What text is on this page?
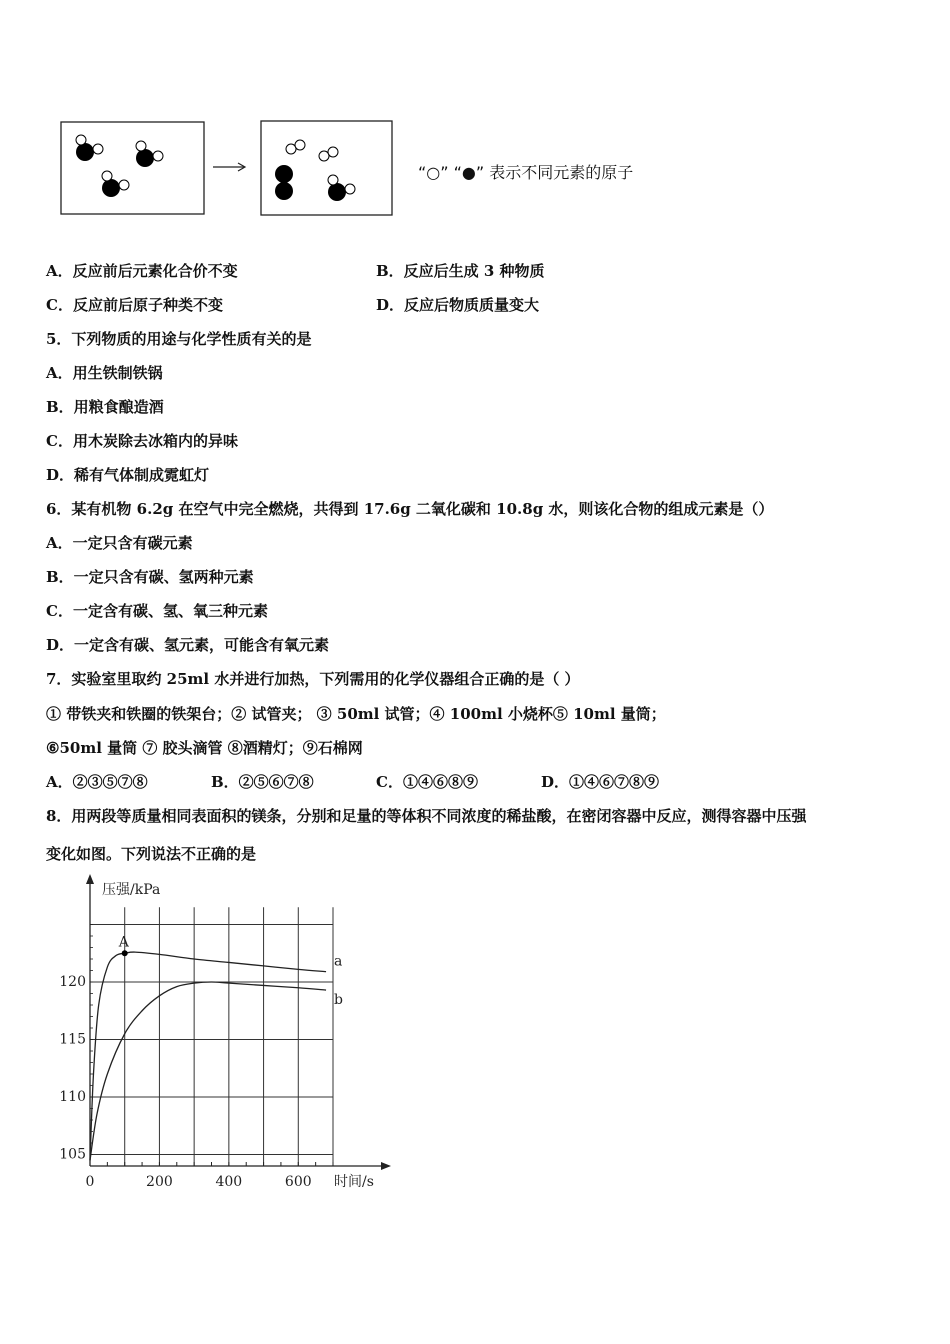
“○” “●” 表示不同元素的原子
A．反应前后元素化合价不变	B．反应后生成 3 种物质
C．反应前后原子种类不变	D．反应后物质质量变大
5．下列物质的用途与化学性质有关的是
A．用生铁制铁锅
B．用粮食酿造酒
C．用木炭除去冰箱内的异味
D．稀有气体制成霓虹灯
6．某有机物 6.2g 在空气中完全燃烧，共得到 17.6g 二氧化碳和 10.8g 水，则该化合物的组成元素是（）
A．一定只含有碳元素
B．一定只含有碳、氢两种元素
C．一定含有碳、氢、氧三种元素
D．一定含有碳、氢元素，可能含有氧元素
7．实验室里取约 25ml 水并进行加热，下列需用的化学仪器组合正确的是（ ）
① 带铁夹和铁圈的铁架台；② 试管夹； ③ 50ml 试管；④ 100ml 小烧杯⑤ 10ml 量筒；
⑥50ml 量筒 ⑦ 胶头滴管 ⑧酒精灯；⑨石棉网
A．②③⑤⑦⑧	B．②⑤⑥⑦⑧	C．①④⑥⑧⑨	D．①④⑥⑦⑧⑨
8．用两段等质量相同表面积的镁条，分别和足量的等体积不同浓度的稀盐酸，在密闭容器中反应，测得容器中压强
变化如图。下列说法不正确的是
0	200	400	600
105
110
115
120
压强/kPa
时间/s
a
b
A
